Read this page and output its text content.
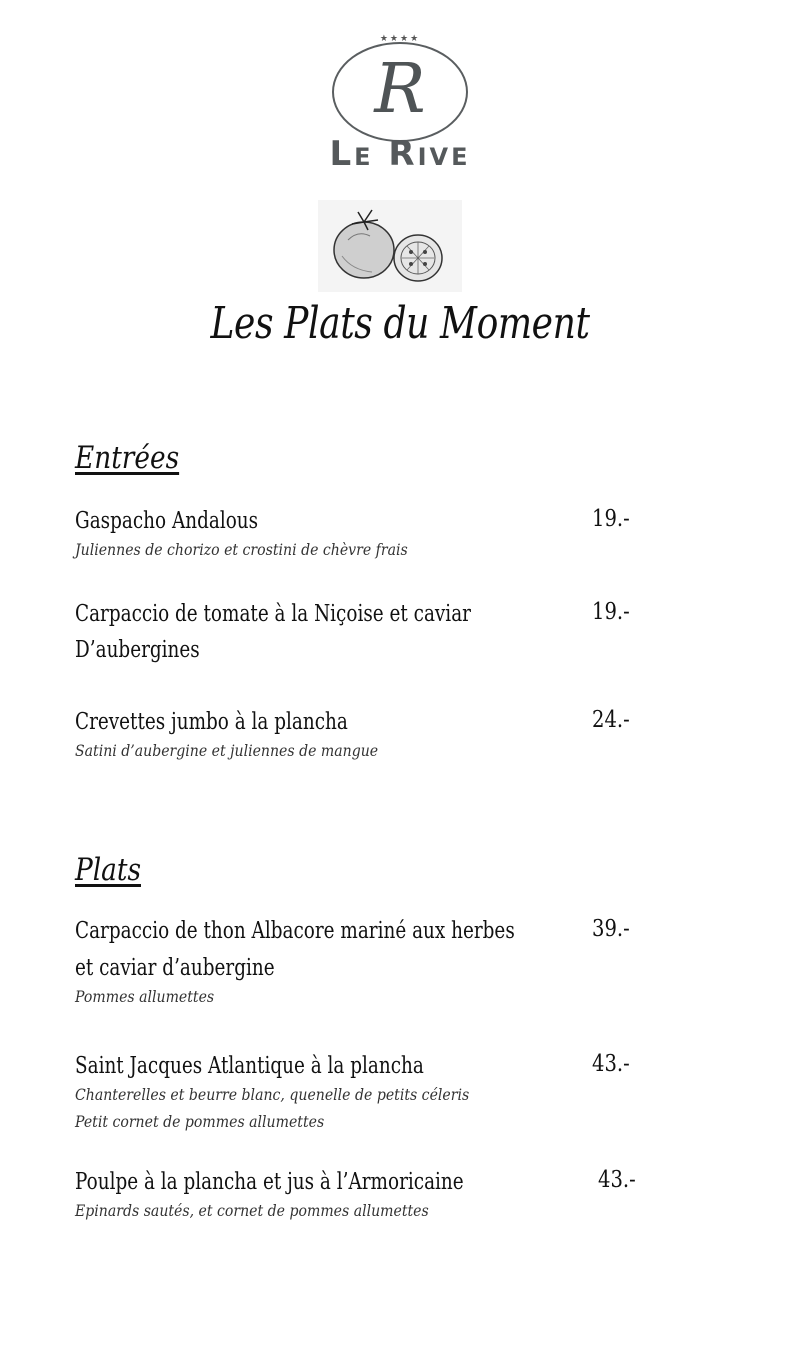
★★★★
R
Le Rive
Les Plats du Moment
Entrées
Gaspacho Andalous	19.-
Juliennes de chorizo et crostini de chèvre frais
Carpaccio de tomate à la Niçoise et caviar
D’aubergines
19.-
Crevettes jumbo à la plancha	24.-
Satini d’aubergine et juliennes de mangue
Plats
Carpaccio de thon Albacore mariné aux herbes
et caviar d’aubergine
39.-
Pommes allumettes
Saint Jacques Atlantique à la plancha	43.-
Chanterelles et beurre blanc, quenelle de petits céleris
Petit cornet de pommes allumettes
Poulpe à la plancha et jus à l’Armoricaine	43.-
Epinards sautés, et cornet de pommes allumettes
